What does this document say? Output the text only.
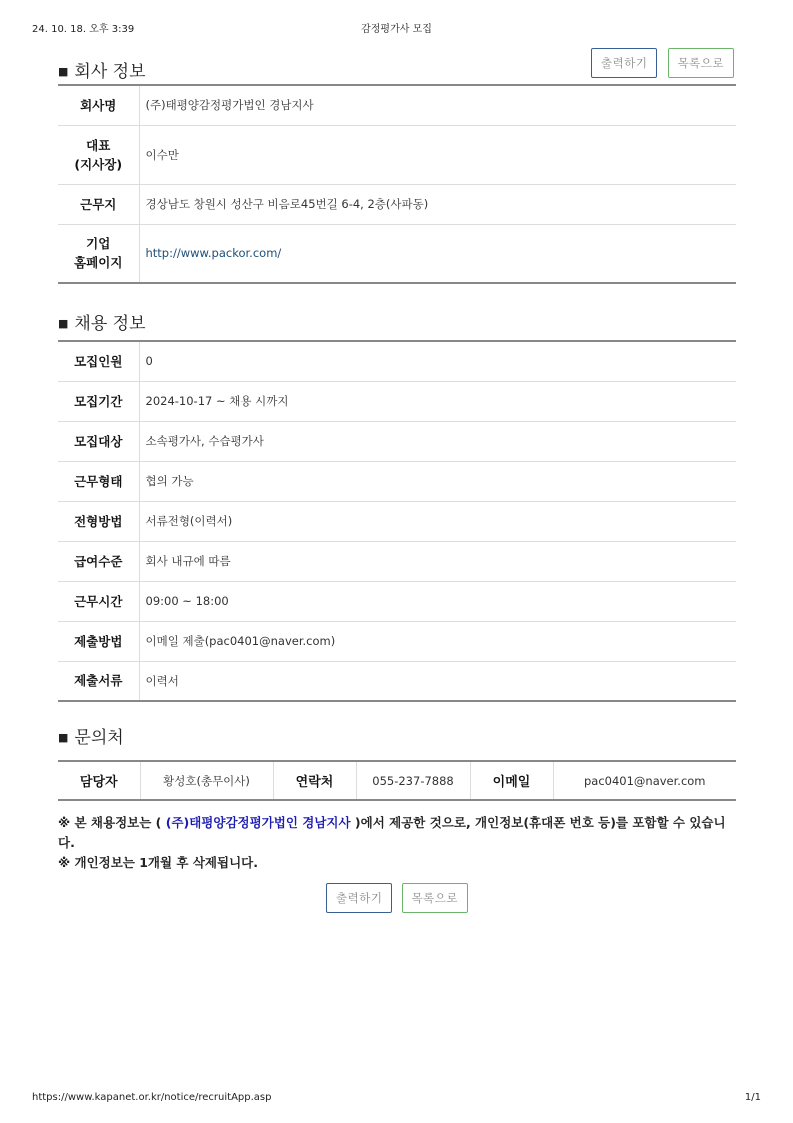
24. 10. 18. 오후 3:39	감정평가사 모집
■ 회사 정보	출력하기	목록으로
회사명	(주)태평양감정평가법인 경남지사
대표
(지사장)	이수만
근무지	경상남도 창원시 성산구 비음로45번길 6-4, 2층(사파동)
기업
홈페이지	http://www.packor.com/
■ 채용 정보
모집인원	0
모집기간	2024-10-17 ~ 채용 시까지
모집대상	소속평가사, 수습평가사
근무형태	협의 가능
전형방법	서류전형(이력서)
급여수준	회사 내규에 따름
근무시간	09:00 ~ 18:00
제출방법	이메일 제출(pac0401@naver.com)
제출서류	이력서
■ 문의처
담당자	황성호(총무이사)	연락처	055-237-7888	이메일	pac0401@naver.com
※ 본 채용정보는 ( (주)태평양감정평가법인 경남지사 )에서 제공한 것으로, 개인정보(휴대폰 번호 등)를 포함할 수 있습니다.
※ 개인정보는 1개월 후 삭제됩니다.
출력하기	목록으로
https://www.kapanet.or.kr/notice/recruitApp.asp	1/1
